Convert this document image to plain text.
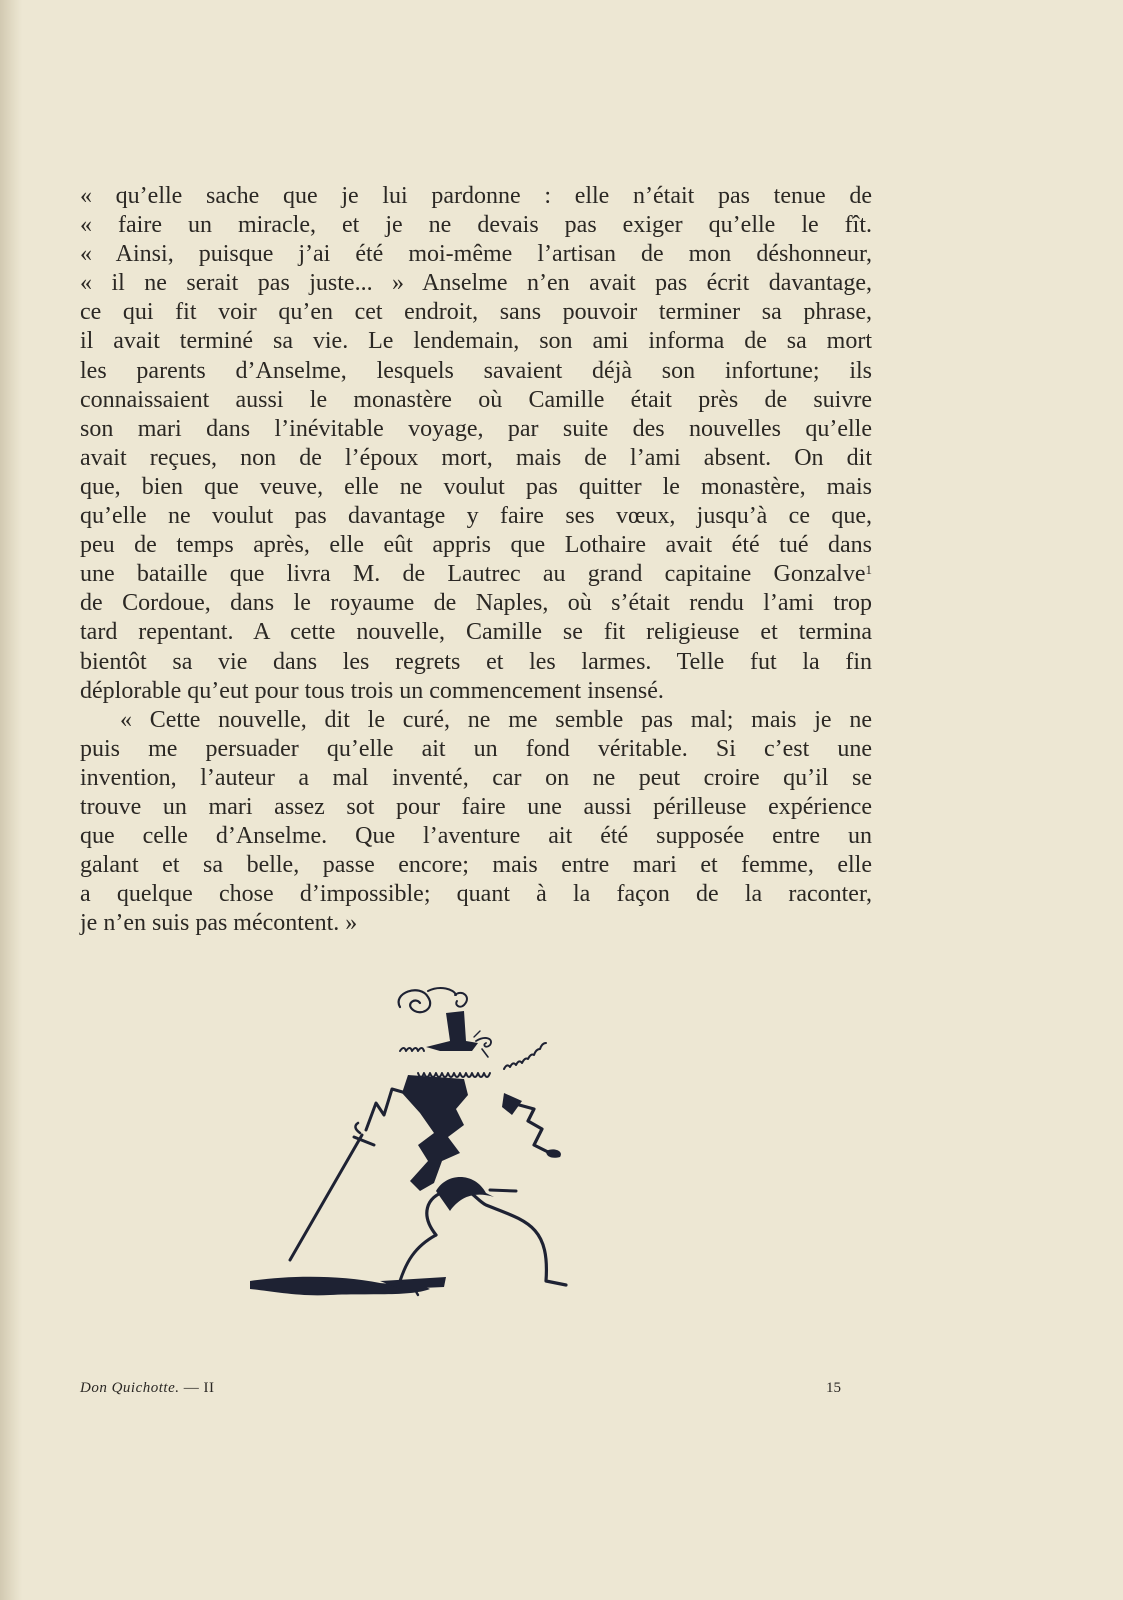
« qu’elle sache que je lui pardonne : elle n’était pas tenue de
« faire un miracle, et je ne devais pas exiger qu’elle le fît.
« Ainsi, puisque j’ai été moi-même l’artisan de mon déshonneur,
« il ne serait pas juste... » Anselme n’en avait pas écrit davantage,
ce qui fit voir qu’en cet endroit, sans pouvoir terminer sa phrase,
il avait terminé sa vie. Le lendemain, son ami informa de sa mort
les parents d’Anselme, lesquels savaient déjà son infortune; ils
connaissaient aussi le monastère où Camille était près de suivre
son mari dans l’inévitable voyage, par suite des nouvelles qu’elle
avait reçues, non de l’époux mort, mais de l’ami absent. On dit
que, bien que veuve, elle ne voulut pas quitter le monastère, mais
qu’elle ne voulut pas davantage y faire ses vœux, jusqu’à ce que,
peu de temps après, elle eût appris que Lothaire avait été tué dans
une bataille que livra M. de Lautrec au grand capitaine Gonzalve$^1$
de Cordoue, dans le royaume de Naples, où s’était rendu l’ami trop
tard repentant. A cette nouvelle, Camille se fit religieuse et termina
bientôt sa vie dans les regrets et les larmes. Telle fut la fin
déplorable qu’eut pour tous trois un commencement insensé.
« Cette nouvelle, dit le curé, ne me semble pas mal; mais je ne
puis me persuader qu’elle ait un fond véritable. Si c’est une
invention, l’auteur a mal inventé, car on ne peut croire qu’il se
trouve un mari assez sot pour faire une aussi périlleuse expérience
que celle d’Anselme. Que l’aventure ait été supposée entre un
galant et sa belle, passe encore; mais entre mari et femme, elle
a quelque chose d’impossible; quant à la façon de la raconter,
je n’en suis pas mécontent. »
Don Quichotte. — II	15
